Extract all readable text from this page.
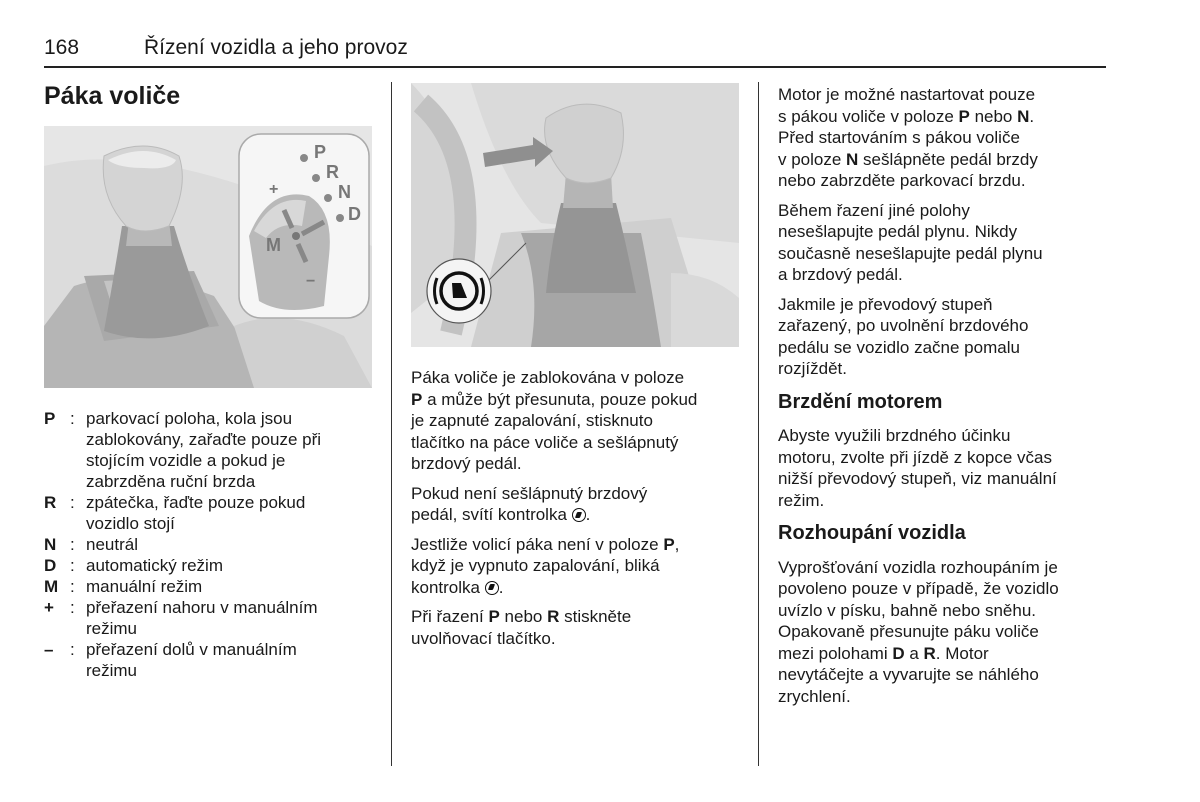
168	Řízení vozidla a jeho provoz
Páka voliče
P
R
N
D
M
+
−
P : parkovací poloha, kola jsou
zablokovány, zařaďte pouze při
stojícím vozidle a pokud je
zabrzděna ruční brzda
R : zpátečka, řaďte pouze pokud
vozidlo stojí
N : neutrál
D : automatický režim
M : manuální režim
+ : přeřazení nahoru v manuálním
režimu
– : přeřazení dolů v manuálním
režimu

Páka voliče je zablokována v poloze
P a může být přesunuta, pouze pokud
je zapnuté zapalování, stisknuto
tlačítko na páce voliče a sešlápnutý
brzdový pedál.

Pokud není sešlápnutý brzdový
pedál, svítí kontrolka .

Jestliže volicí páka není v poloze P,
když je vypnuto zapalování, bliká
kontrolka .

Při řazení P nebo R stiskněte
uvolňovací tlačítko.

Motor je možné nastartovat pouze
s pákou voliče v poloze P nebo N.
Před startováním s pákou voliče
v poloze N sešlápněte pedál brzdy
nebo zabrzděte parkovací brzdu.

Během řazení jiné polohy
nesešlapujte pedál plynu. Nikdy
současně nesešlapujte pedál plynu
a brzdový pedál.

Jakmile je převodový stupeň
zařazený, po uvolnění brzdového
pedálu se vozidlo začne pomalu
rozjíždět.

Brzdění motorem

Abyste využili brzdného účinku
motoru, zvolte při jízdě z kopce včas
nižší převodový stupeň, viz manuální
režim.

Rozhoupání vozidla

Vyprošťování vozidla rozhoupáním je
povoleno pouze v případě, že vozidlo
uvízlo v písku, bahně nebo sněhu.
Opakovaně přesunujte páku voliče
mezi polohami D a R. Motor
nevytáčejte a vyvarujte se náhlého
zrychlení.
